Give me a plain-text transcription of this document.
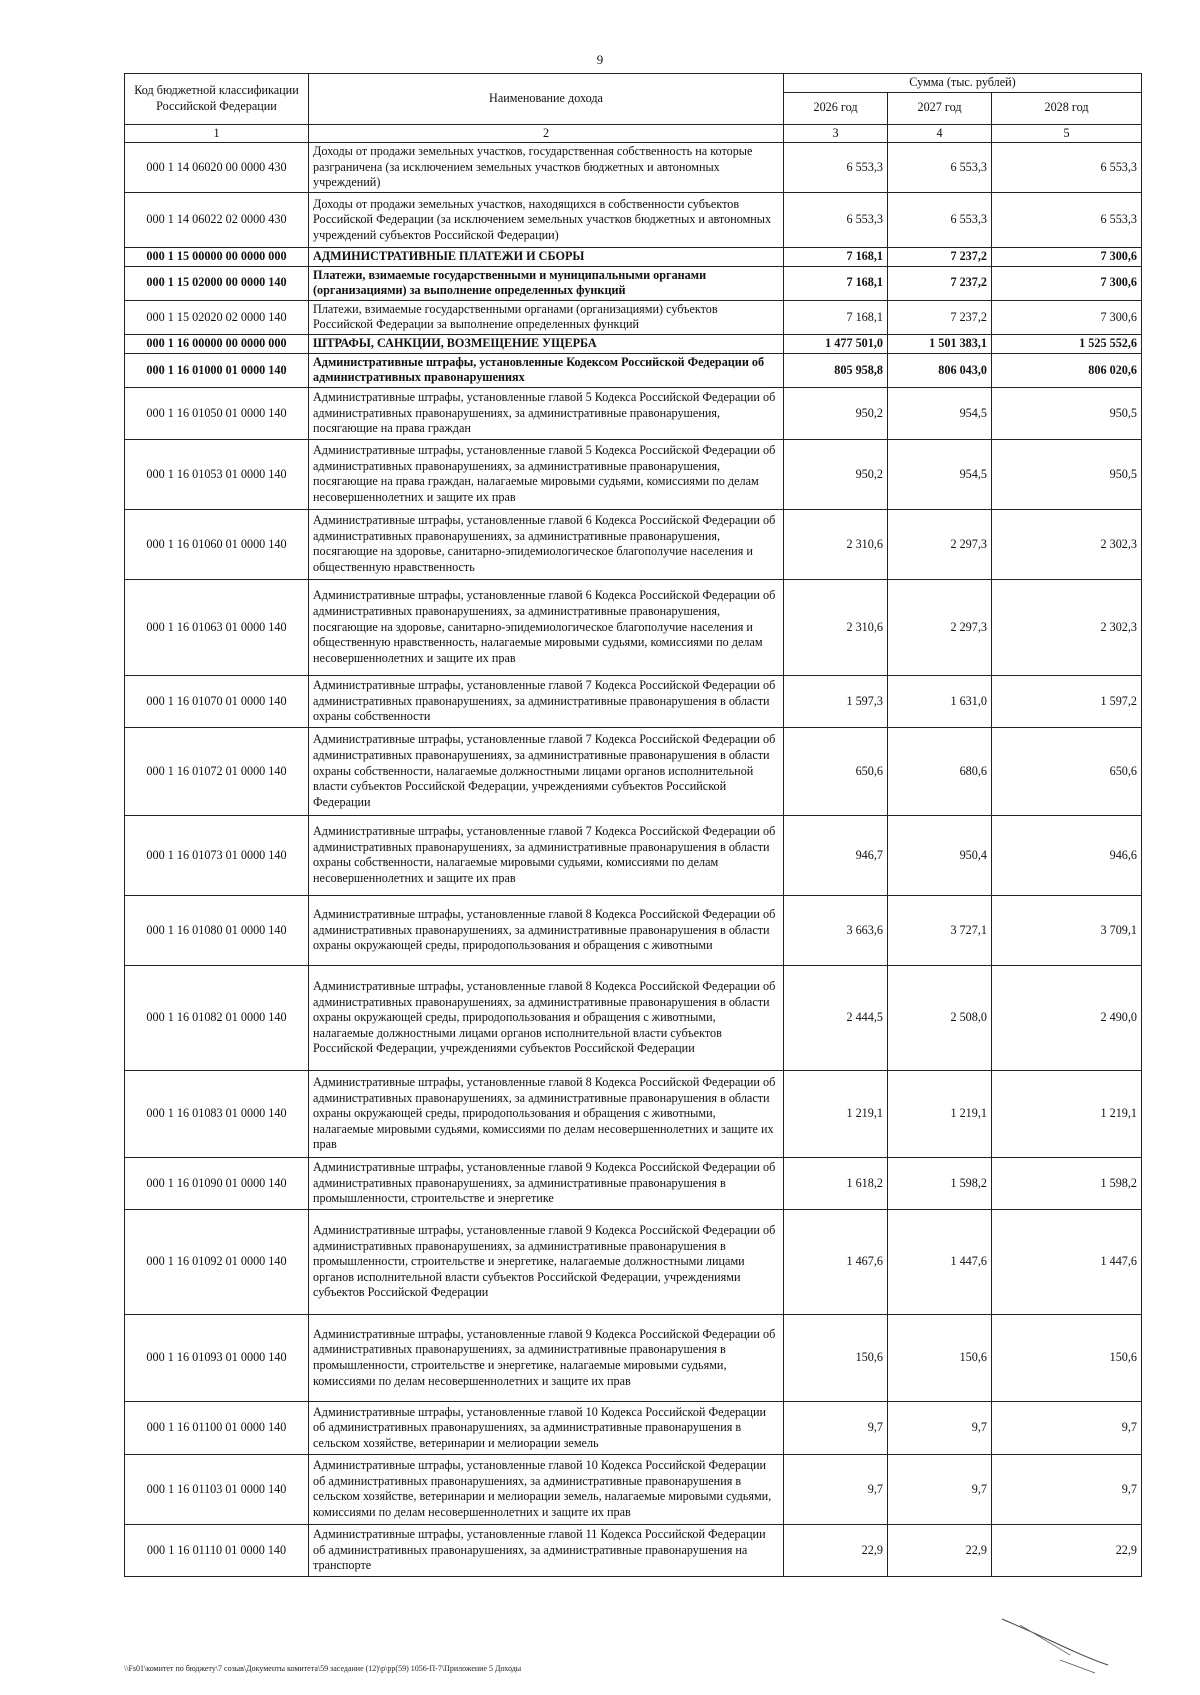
9
Код бюджетной классификации Российской Федерации	Наименование дохода	Сумма (тыс. рублей)		
		2026 год	2027 год	2028 год
1	2	3	4	5
000 1 14 06020 00 0000 430	Доходы от продажи земельных участков, государственная собственность на которые разграничена (за исключением земельных участков бюджетных и автономных учреждений)	6 553,3	6 553,3	6 553,3
000 1 14 06022 02 0000 430	Доходы от продажи земельных участков, находящихся в собственности субъектов Российской Федерации (за исключением земельных участков бюджетных и автономных учреждений субъектов Российской Федерации)	6 553,3	6 553,3	6 553,3
000 1 15 00000 00 0000 000	АДМИНИСТРАТИВНЫЕ ПЛАТЕЖИ И СБОРЫ	7 168,1	7 237,2	7 300,6
000 1 15 02000 00 0000 140	Платежи, взимаемые государственными и муниципальными органами (организациями) за выполнение определенных функций	7 168,1	7 237,2	7 300,6
000 1 15 02020 02 0000 140	Платежи, взимаемые государственными органами (организациями) субъектов Российской Федерации за выполнение определенных функций	7 168,1	7 237,2	7 300,6
000 1 16 00000 00 0000 000	ШТРАФЫ, САНКЦИИ, ВОЗМЕЩЕНИЕ УЩЕРБА	1 477 501,0	1 501 383,1	1 525 552,6
000 1 16 01000 01 0000 140	Административные штрафы, установленные Кодексом Российской Федерации об административных правонарушениях	805 958,8	806 043,0	806 020,6
000 1 16 01050 01 0000 140	Административные штрафы, установленные главой 5 Кодекса Российской Федерации об административных правонарушениях, за административные правонарушения, посягающие на права граждан	950,2	954,5	950,5
000 1 16 01053 01 0000 140	Административные штрафы, установленные главой 5 Кодекса Российской Федерации об административных правонарушениях, за административные правонарушения, посягающие на права граждан, налагаемые мировыми судьями, комиссиями по делам несовершеннолетних и защите их прав	950,2	954,5	950,5
000 1 16 01060 01 0000 140	Административные штрафы, установленные главой 6 Кодекса Российской Федерации об административных правонарушениях, за административные правонарушения, посягающие на здоровье, санитарно-эпидемиологическое благополучие населения и общественную нравственность	2 310,6	2 297,3	2 302,3
000 1 16 01063 01 0000 140	Административные штрафы, установленные главой 6 Кодекса Российской Федерации об административных правонарушениях, за административные правонарушения, посягающие на здоровье, санитарно-эпидемиологическое благополучие населения и общественную нравственность, налагаемые мировыми судьями, комиссиями по делам несовершеннолетних и защите их прав	2 310,6	2 297,3	2 302,3
000 1 16 01070 01 0000 140	Административные штрафы, установленные главой 7 Кодекса Российской Федерации об административных правонарушениях, за административные правонарушения в области охраны собственности	1 597,3	1 631,0	1 597,2
000 1 16 01072 01 0000 140	Административные штрафы, установленные главой 7 Кодекса Российской Федерации об административных правонарушениях, за административные правонарушения в области охраны собственности, налагаемые должностными лицами органов исполнительной власти субъектов Российской Федерации, учреждениями субъектов Российской Федерации	650,6	680,6	650,6
000 1 16 01073 01 0000 140	Административные штрафы, установленные главой 7 Кодекса Российской Федерации об административных правонарушениях, за административные правонарушения в области охраны собственности, налагаемые мировыми судьями, комиссиями по делам несовершеннолетних и защите их прав	946,7	950,4	946,6
000 1 16 01080 01 0000 140	Административные штрафы, установленные главой 8 Кодекса Российской Федерации об административных правонарушениях, за административные правонарушения в области охраны окружающей среды, природопользования и обращения с животными	3 663,6	3 727,1	3 709,1
000 1 16 01082 01 0000 140	Административные штрафы, установленные главой 8 Кодекса Российской Федерации об административных правонарушениях, за административные правонарушения в области охраны окружающей среды, природопользования и обращения с животными, налагаемые должностными лицами органов исполнительной власти субъектов Российской Федерации, учреждениями субъектов Российской Федерации	2 444,5	2 508,0	2 490,0
000 1 16 01083 01 0000 140	Административные штрафы, установленные главой 8 Кодекса Российской Федерации об административных правонарушениях, за административные правонарушения в области охраны окружающей среды, природопользования и обращения с животными, налагаемые мировыми судьями, комиссиями по делам несовершеннолетних и защите их прав	1 219,1	1 219,1	1 219,1
000 1 16 01090 01 0000 140	Административные штрафы, установленные главой 9 Кодекса Российской Федерации об административных правонарушениях, за административные правонарушения в промышленности, строительстве и энергетике	1 618,2	1 598,2	1 598,2
000 1 16 01092 01 0000 140	Административные штрафы, установленные главой 9 Кодекса Российской Федерации об административных правонарушениях, за административные правонарушения в промышленности, строительстве и энергетике, налагаемые должностными лицами органов исполнительной власти субъектов Российской Федерации, учреждениями субъектов Российской Федерации	1 467,6	1 447,6	1 447,6
000 1 16 01093 01 0000 140	Административные штрафы, установленные главой 9 Кодекса Российской Федерации об административных правонарушениях, за административные правонарушения в промышленности, строительстве и энергетике, налагаемые мировыми судьями, комиссиями по делам несовершеннолетних и защите их прав	150,6	150,6	150,6
000 1 16 01100 01 0000 140	Административные штрафы, установленные главой 10 Кодекса Российской Федерации об административных правонарушениях, за административные правонарушения в сельском хозяйстве, ветеринарии и мелиорации земель	9,7	9,7	9,7
000 1 16 01103 01 0000 140	Административные штрафы, установленные главой 10 Кодекса Российской Федерации об административных правонарушениях, за административные правонарушения в сельском хозяйстве, ветеринарии и мелиорации земель, налагаемые мировыми судьями, комиссиями по делам несовершеннолетних и защите их прав	9,7	9,7	9,7
000 1 16 01110 01 0000 140	Административные штрафы, установленные главой 11 Кодекса Российской Федерации об административных правонарушениях, за административные правонарушения на транспорте	22,9	22,9	22,9
\\Fs01\комитет по бюджету\7 созыв\Документы комитета\59 заседание (12)\р\рр(59) 1056-П-7\Приложение 5 Доходы
